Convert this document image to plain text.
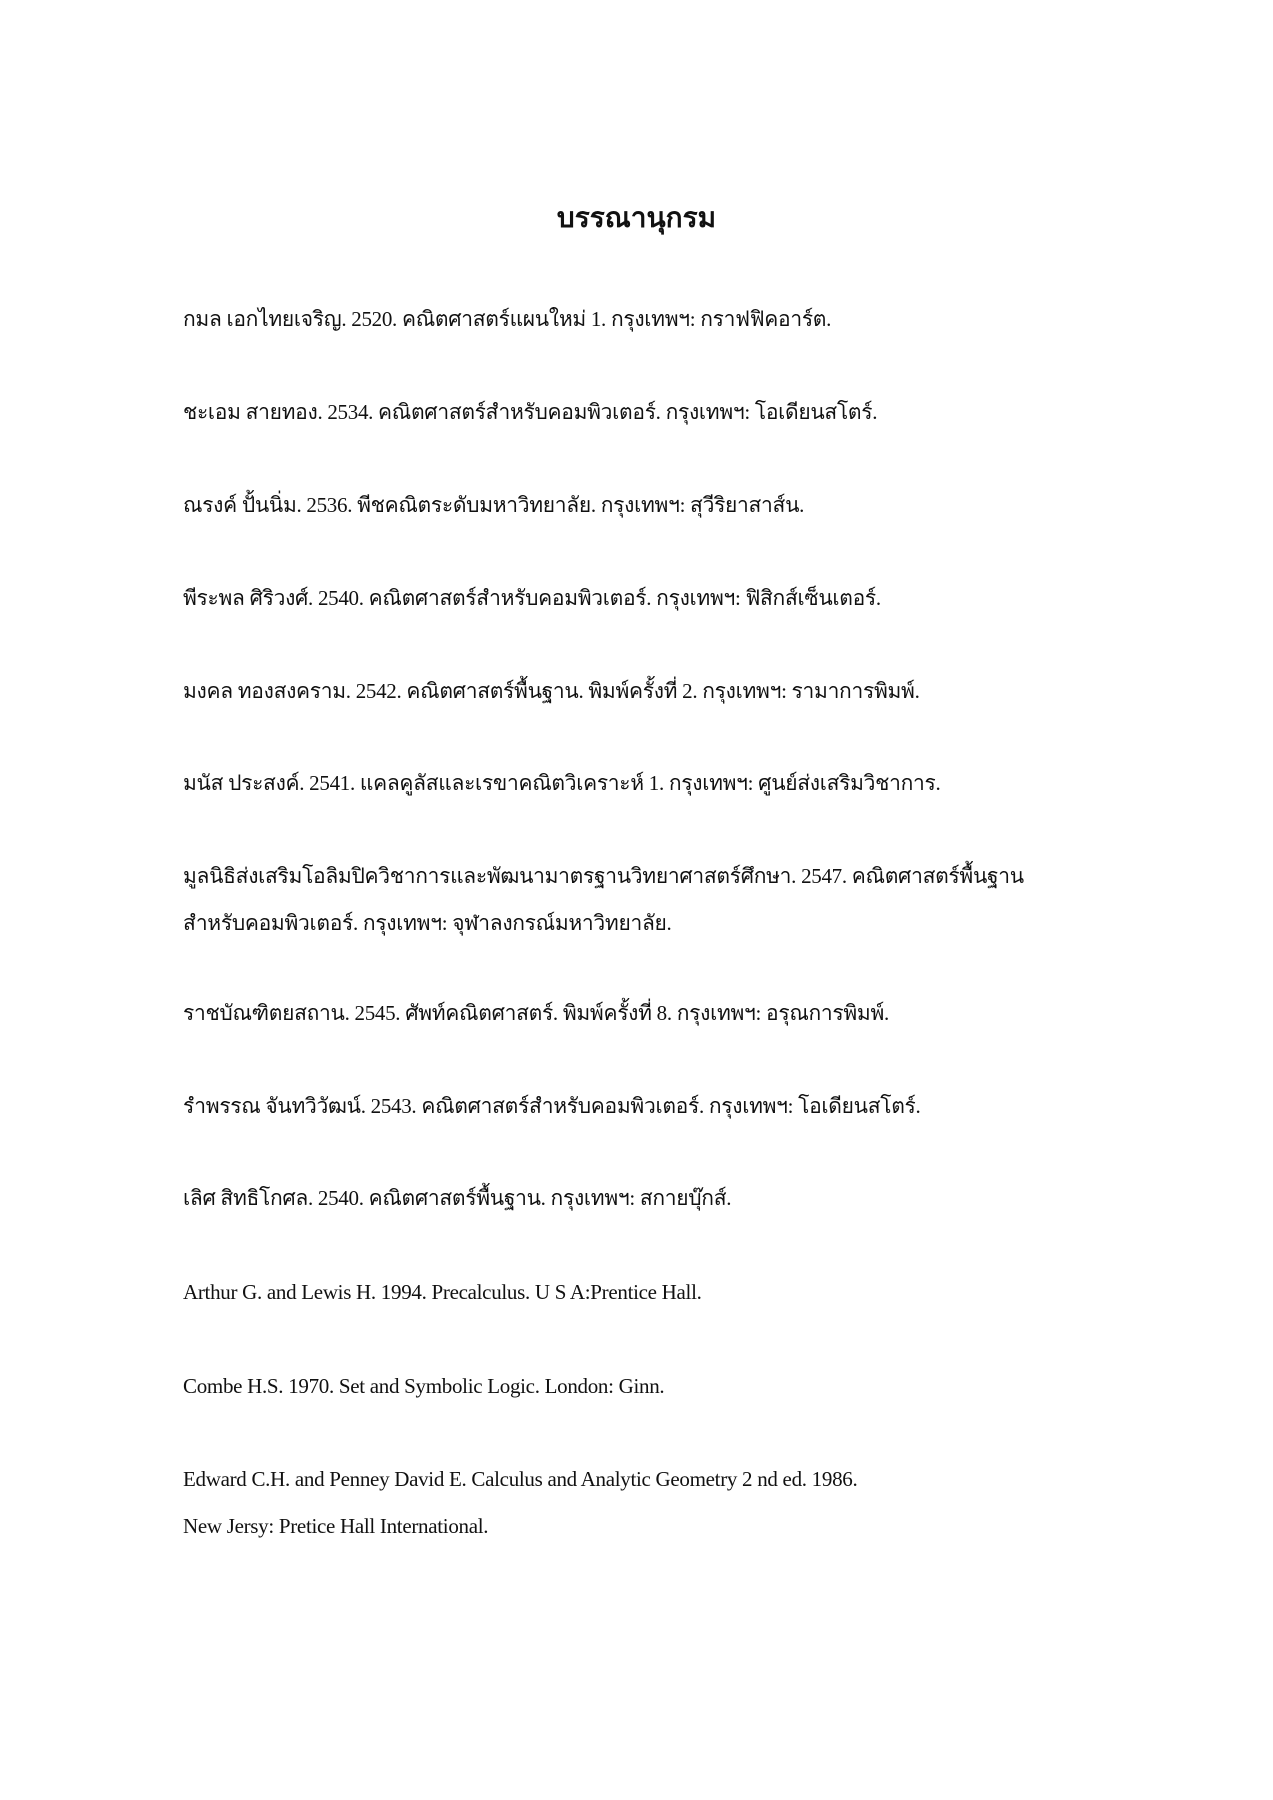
บรรณานุกรม
กมล เอกไทยเจริญ. 2520. คณิตศาสตร์แผนใหม่ 1. กรุงเทพฯ: กราฟฟิคอาร์ต.
ชะเอม สายทอง. 2534. คณิตศาสตร์สำหรับคอมพิวเตอร์. กรุงเทพฯ: โอเดียนสโตร์.
ณรงค์ ปั้นนิ่ม. 2536. พีชคณิตระดับมหาวิทยาลัย. กรุงเทพฯ: สุวีริยาสาส์น.
พีระพล ศิริวงศ์. 2540. คณิตศาสตร์สำหรับคอมพิวเตอร์. กรุงเทพฯ: ฟิสิกส์เซ็นเตอร์.
มงคล ทองสงคราม. 2542. คณิตศาสตร์พื้นฐาน. พิมพ์ครั้งที่ 2. กรุงเทพฯ: รามาการพิมพ์.
มนัส ประสงค์. 2541. แคลคูลัสและเรขาคณิตวิเคราะห์ 1. กรุงเทพฯ: ศูนย์ส่งเสริมวิชาการ.
มูลนิธิส่งเสริมโอลิมปิควิชาการและพัฒนามาตรฐานวิทยาศาสตร์ศึกษา. 2547. คณิตศาสตร์พื้นฐาน
สำหรับคอมพิวเตอร์. กรุงเทพฯ: จุฬาลงกรณ์มหาวิทยาลัย.
ราชบัณฑิตยสถาน. 2545. ศัพท์คณิตศาสตร์. พิมพ์ครั้งที่ 8. กรุงเทพฯ: อรุณการพิมพ์.
รำพรรณ จันทวิวัฒน์. 2543. คณิตศาสตร์สำหรับคอมพิวเตอร์. กรุงเทพฯ: โอเดียนสโตร์.
เลิศ สิทธิโกศล. 2540. คณิตศาสตร์พื้นฐาน. กรุงเทพฯ: สกายบุ๊กส์.
Arthur G. and Lewis H. 1994. Precalculus. U S A:Prentice Hall.
Combe H.S. 1970. Set and Symbolic Logic. London: Ginn.
Edward C.H. and Penney David E. Calculus and Analytic Geometry 2 nd ed. 1986.
New Jersy: Pretice Hall International.
